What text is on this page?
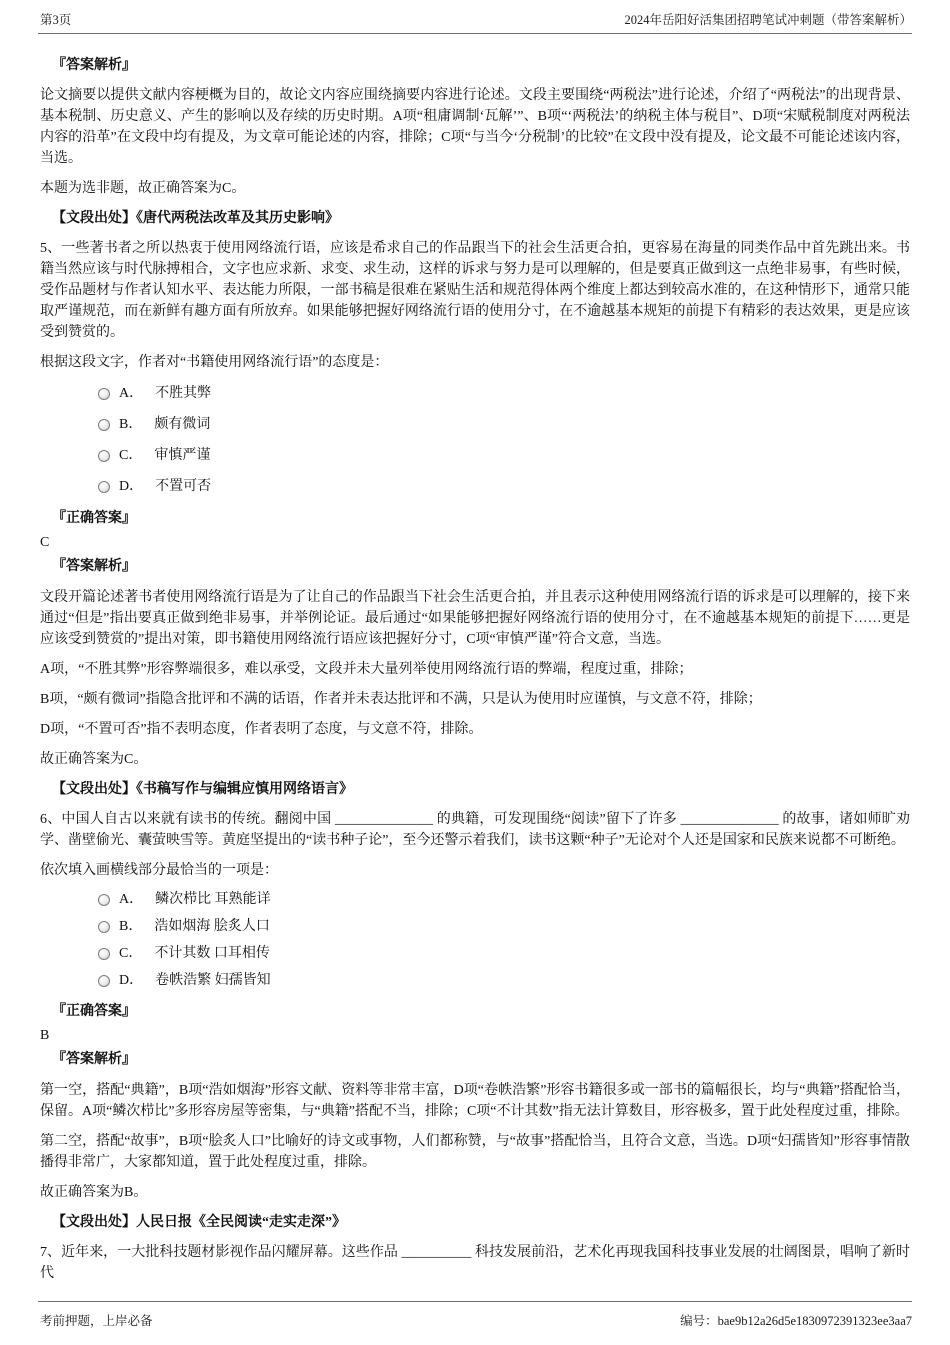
第3页	2024年岳阳好活集团招聘笔试冲刺题（带答案解析）

『答案解析』

论文摘要以提供文献内容梗概为目的，故论文内容应围绕摘要内容进行论述。文段主要围绕“两税法”进行论述，介绍了“两税法”的出现背景、基本税制、历史意义、产生的影响以及存续的历史时期。A项“租庸调制‘瓦解’”、B项“‘两税法’的纳税主体与税目”、D项“宋赋税制度对两税法内容的沿革”在文段中均有提及，为文章可能论述的内容，排除；C项“与当今‘分税制’的比较”在文段中没有提及，论文最不可能论述该内容，当选。

本题为选非题，故正确答案为C。

【文段出处】《唐代两税法改革及其历史影响》

5、一些著书者之所以热衷于使用网络流行语，应该是希求自己的作品跟当下的社会生活更合拍，更容易在海量的同类作品中首先跳出来。书籍当然应该与时代脉搏相合，文字也应求新、求变、求生动，这样的诉求与努力是可以理解的，但是要真正做到这一点绝非易事，有些时候，受作品题材与作者认知水平、表达能力所限，一部书稿是很难在紧贴生活和规范得体两个维度上都达到较高水准的，在这种情形下，通常只能取严谨规范，而在新鲜有趣方面有所放弃。如果能够把握好网络流行语的使用分寸，在不逾越基本规矩的前提下有精彩的表达效果，更是应该受到赞赏的。

根据这段文字，作者对“书籍使用网络流行语”的态度是：

A． 不胜其弊
B． 颇有微词
C． 审慎严谨
D． 不置可否

『正确答案』

C

『答案解析』

文段开篇论述著书者使用网络流行语是为了让自己的作品跟当下社会生活更合拍，并且表示这种使用网络流行语的诉求是可以理解的，接下来通过“但是”指出要真正做到绝非易事，并举例论证。最后通过“如果能够把握好网络流行语的使用分寸，在不逾越基本规矩的前提下……更是应该受到赞赏的”提出对策，即书籍使用网络流行语应该把握好分寸，C项“审慎严谨”符合文意，当选。

A项，“不胜其弊”形容弊端很多，难以承受，文段并未大量列举使用网络流行语的弊端，程度过重，排除；

B项，“颇有微词”指隐含批评和不满的话语，作者并未表达批评和不满，只是认为使用时应谨慎，与文意不符，排除；

D项，“不置可否”指不表明态度，作者表明了态度，与文意不符，排除。

故正确答案为C。

【文段出处】《书稿写作与编辑应慎用网络语言》

6、中国人自古以来就有读书的传统。翻阅中国 ______________ 的典籍，可发现围绕“阅读”留下了许多 ______________ 的故事，诸如师旷劝学、凿壁偷光、囊萤映雪等。黄庭坚提出的“读书种子论”，至今还警示着我们，读书这颗“种子”无论对个人还是国家和民族来说都不可断绝。

依次填入画横线部分最恰当的一项是：

A． 鳞次栉比 耳熟能详
B． 浩如烟海 脍炙人口
C． 不计其数 口耳相传
D． 卷帙浩繁 妇孺皆知

『正确答案』

B

『答案解析』

第一空，搭配“典籍”，B项“浩如烟海”形容文献、资料等非常丰富，D项“卷帙浩繁”形容书籍很多或一部书的篇幅很长，均与“典籍”搭配恰当，保留。A项“鳞次栉比”多形容房屋等密集，与“典籍”搭配不当，排除；C项“不计其数”指无法计算数目，形容极多，置于此处程度过重，排除。

第二空，搭配“故事”，B项“脍炙人口”比喻好的诗文或事物，人们都称赞，与“故事”搭配恰当，且符合文意，当选。D项“妇孺皆知”形容事情散播得非常广，大家都知道，置于此处程度过重，排除。

故正确答案为B。

【文段出处】人民日报《全民阅读“走实走深”》

7、近年来，一大批科技题材影视作品闪耀屏幕。这些作品 __________ 科技发展前沿，艺术化再现我国科技事业发展的壮阔图景，唱响了新时代

考前押题，上岸必备	编号：bae9b12a26d5e1830972391323ee3aa7
